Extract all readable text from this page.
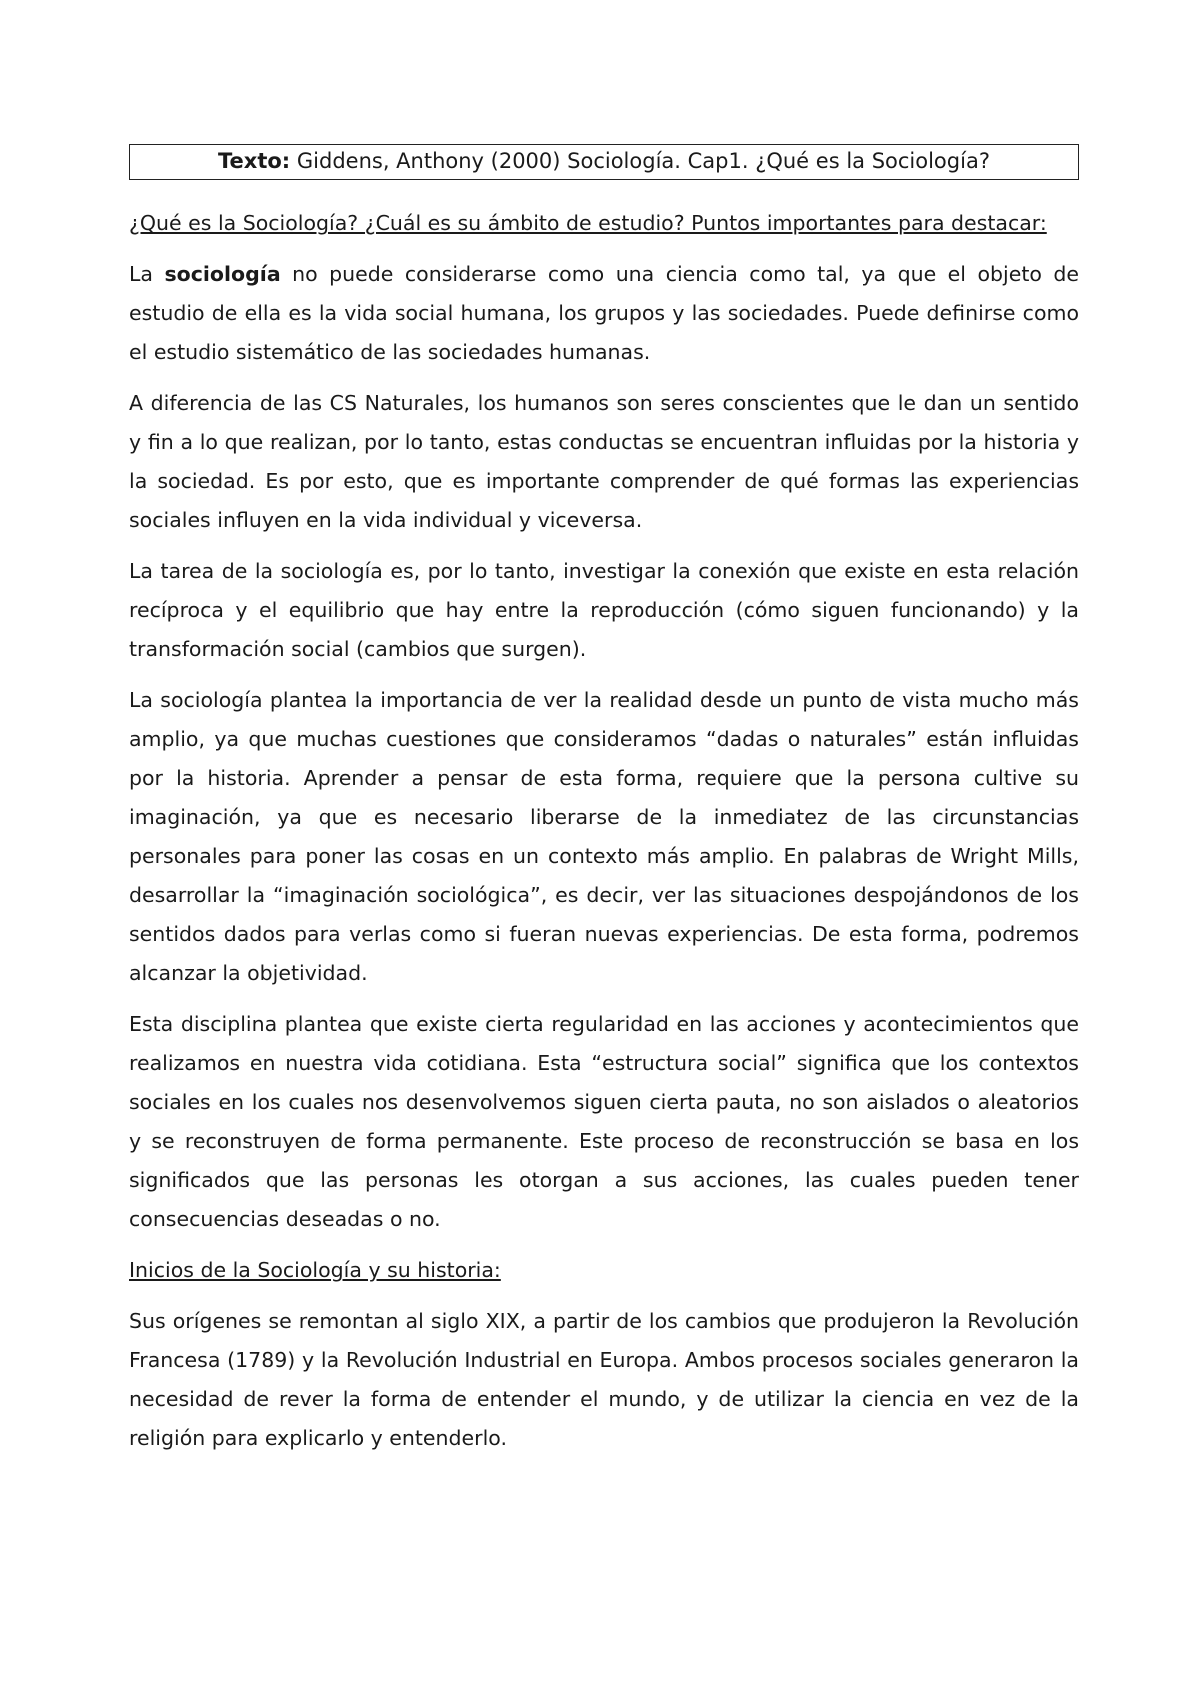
Texto: Giddens, Anthony (2000) Sociología. Cap1. ¿Qué es la Sociología?

¿Qué es la Sociología? ¿Cuál es su ámbito de estudio? Puntos importantes para destacar:

La sociología no puede considerarse como una ciencia como tal, ya que el objeto de estudio de ella es la vida social humana, los grupos y las sociedades. Puede definirse como el estudio sistemático de las sociedades humanas.

A diferencia de las CS Naturales, los humanos son seres conscientes que le dan un sentido y fin a lo que realizan, por lo tanto, estas conductas se encuentran influidas por la historia y la sociedad. Es por esto, que es importante comprender de qué formas las experiencias sociales influyen en la vida individual y viceversa.

La tarea de la sociología es, por lo tanto, investigar la conexión que existe en esta relación recíproca y el equilibrio que hay entre la reproducción (cómo siguen funcionando) y la transformación social (cambios que surgen).

La sociología plantea la importancia de ver la realidad desde un punto de vista mucho más amplio, ya que muchas cuestiones que consideramos “dadas o naturales” están influidas por la historia. Aprender a pensar de esta forma, requiere que la persona cultive su imaginación, ya que es necesario liberarse de la inmediatez de las circunstancias personales para poner las cosas en un contexto más amplio. En palabras de Wright Mills, desarrollar la “imaginación sociológica”, es decir, ver las situaciones despojándonos de los sentidos dados para verlas como si fueran nuevas experiencias. De esta forma, podremos alcanzar la objetividad.

Esta disciplina plantea que existe cierta regularidad en las acciones y acontecimientos que realizamos en nuestra vida cotidiana. Esta “estructura social” significa que los contextos sociales en los cuales nos desenvolvemos siguen cierta pauta, no son aislados o aleatorios y se reconstruyen de forma permanente. Este proceso de reconstrucción se basa en los significados que las personas les otorgan a sus acciones, las cuales pueden tener consecuencias deseadas o no.

Inicios de la Sociología y su historia:

Sus orígenes se remontan al siglo XIX, a partir de los cambios que produjeron la Revolución Francesa (1789) y la Revolución Industrial en Europa. Ambos procesos sociales generaron la necesidad de rever la forma de entender el mundo, y de utilizar la ciencia en vez de la religión para explicarlo y entenderlo.
